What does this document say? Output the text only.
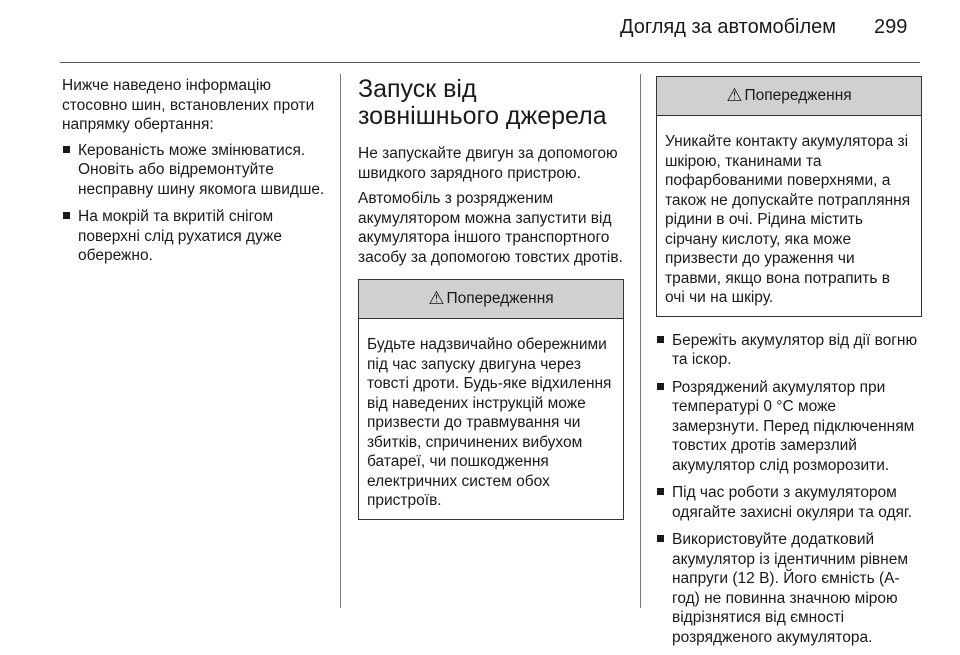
Догляд за автомобілем 299

Нижче наведено інформацію стосовно шин, встановлених проти напрямку обертання:

Керованість може змінюватися. Оновіть або відремонтуйте несправну шину якомога швидше.
На мокрій та вкритій снігом поверхні слід рухатися дуже обережно.
Запуск від зовнішнього джерела

Не запускайте двигун за допомогою швидкого зарядного пристрою.

Автомобіль з розрядженим акумулятором можна запустити від акумулятора іншого транспортного засобу за допомогою товстих дротів.

⚠ Попередження
Будьте надзвичайно обережними під час запуску двигуна через товсті дроти. Будь-яке відхилення від наведених інструкцій може призвести до травмування чи збитків, спричинених вибухом батареї, чи пошкодження електричних систем обох пристроїв.
⚠ Попередження
Уникайте контакту акумулятора зі шкірою, тканинами та пофарбованими поверхнями, а також не допускайте потрапляння рідини в очі. Рідина містить сірчану кислоту, яка може призвести до ураження чи травми, якщо вона потрапить в очі чи на шкіру.
Бережіть акумулятор від дії вогню та іскор.
Розряджений акумулятор при температурі 0 °C може замерзнути. Перед підключенням товстих дротів замерзлий акумулятор слід розморозити.
Під час роботи з акумулятором одягайте захисні окуляри та одяг.
Використовуйте додатковий акумулятор із ідентичним рівнем напруги (12 В). Його ємність (А-год) не повинна значною мірою відрізнятися від ємності розрядженого акумулятора.
